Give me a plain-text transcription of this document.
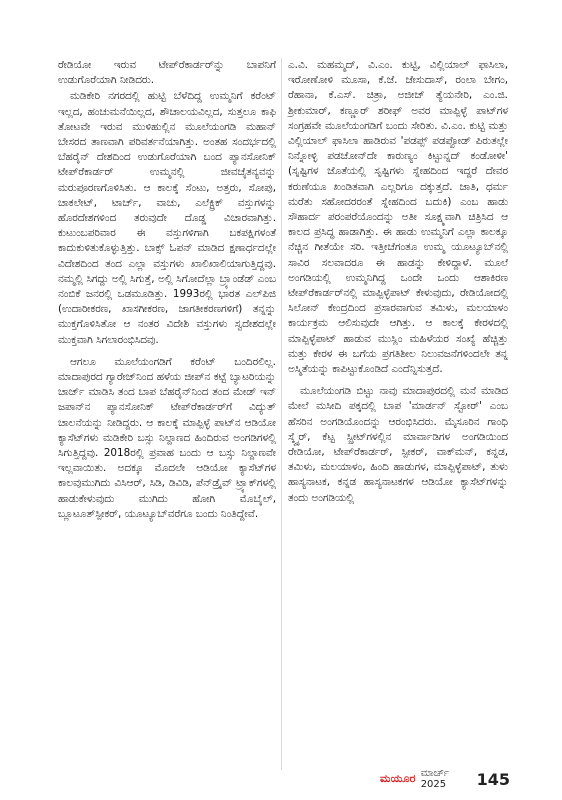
ರೇಡಿಯೋ ಇರುವ ಟೇಪ್‌ರೆಕಾರ್ಡರ್‌ನ್ನು ಬಾಪನಿಗೆ ಉಡುಗೊರೆಯಾಗಿ ನೀಡಿದರು.

ಮಡಿಕೇರಿ ನಗರದಲ್ಲಿ ಹುಟ್ಟಿ ಬೆಳೆದಿದ್ದ ಉಮ್ಮನಿಗೆ ಕರೆಂಟ್ ಇಲ್ಲದ, ಹಂಚುಮನೆಯಿಲ್ಲದ, ಶೌಚಾಲಯವಿಲ್ಲದ, ಸುತ್ತಲೂ ಕಾಫಿ ತೋಟವೇ ಇರುವ ಮುಳಿಹುಲ್ಲಿನ ಮೂಲೆಯಂಗಡಿ ಮಹಾನ್ ಬೇಸರದ ತಾಣವಾಗಿ ಪರಿವರ್ತನೆಯಾಗಿತ್ತು. ಅಂತಹ ಸಂದರ್ಭದಲ್ಲಿ ಬೆಹರೈನ್ ದೇಶದಿಂದ ಉಡುಗೊರೆಯಾಗಿ ಬಂದ ಪ್ಯಾನಸೋನಿಕ್ ಟೇಪ್‌ರೆಕಾರ್ಡರ್ ಉಮ್ಮನಲ್ಲಿ ಜೀವಚೈತನ್ಯವನ್ನು ಮರುಪೂರಣಗೊಳಿಸಿತು. ಆ ಕಾಲಕ್ಕೆ ಸೆಂಟು, ಅತ್ತರು, ಸೋಪು, ಚಾಕಲೇಟ್, ಟಾರ್ಚ್, ವಾಚು, ಎಲೆಕ್ಟ್ರಿಕ್ ವಸ್ತುಗಳನ್ನು ಹೊರದೇಶಗಳಿಂದ ತರುವುದೇ ದೊಡ್ಡ ವಿಚಾರವಾಗಿತ್ತು. ಕುಟುಂಬಪರಿವಾರ ಈ ವಸ್ತುಗಳಿಗಾಗಿ ಬಕಪಕ್ಷಿಗಳಂತೆ ಕಾದುಕುಳಿತುಕೊಳ್ಳುತ್ತಿತ್ತು. ಬಾಕ್ಸ್ ಓಪನ್ ಮಾಡಿದ ಕ್ಷಣಾರ್ಧದಲ್ಲೇ ವಿದೇಶದಿಂದ ತಂದ ಎಲ್ಲಾ ವಸ್ತುಗಳು ಖಾಲಿಖಾಲಿಯಾಗುತ್ತಿದ್ದವು. ನಮ್ಮಲ್ಲಿ ಸಿಗದ್ದು ಅಲ್ಲಿ ಸಿಗುತ್ತೆ, ಅಲ್ಲಿ ಸಿಗೋದೆಲ್ಲಾ ಬ್ರ್ಯಾಂಡೆಡ್ ಎಂಬ ನಂಬಿಕೆ ಜನರಲ್ಲಿ ಒಡಮೂಡಿತ್ತು. 1993ರಲ್ಲಿ ಭಾರತ ಎಲ್‌ಪಿಜಿ (ಉದಾರೀಕರಣ, ಖಾಸಗೀಕರಣ, ಜಾಗತೀಕರಣಗಳಿಗೆ) ತನ್ನನ್ನು ಮುಕ್ತಗೊಳಿಸಿತೋ ಆ ನಂತರ ವಿದೇಶಿ ವಸ್ತುಗಳು ಸ್ವದೇಶದಲ್ಲೇ ಮುಕ್ತವಾಗಿ ಸಿಗಲಾರಂಭಿಸಿದವು.

ಆಗಲೂ ಮೂಲೆಯಂಗಡಿಗೆ ಕರೆಂಟ್ ಬಂದಿರಲಿಲ್ಲ. ಮಾದಾಪುರದ ಗ್ಯಾರೇಜ್‌ನಿಂದ ಹಳೆಯ ಜೀಪ್‌ನ ಕಟ್ಟೆ ಬ್ಯಾಟರಿಯನ್ನು ಚಾರ್ಜ್ ಮಾಡಿಸಿ ತಂದ ಬಾಪ ಬೆಹರೈನ್‌ನಿಂದ ತಂದ ಮೇಡ್ ಇನ್ ಜಪಾನ್‌ನ ಪ್ಯಾನಸೋನಿಕ್ ಟೇಪ್‌ರೆಕಾರ್ಡರ್‌ಗೆ ವಿದ್ಯುತ್ ಚಾಲನೆಯನ್ನು ನೀಡಿದ್ದರು. ಆ ಕಾಲಕ್ಕೆ ಮಾಪ್ಪಿಳ್ಳೆ ಪಾಟ್‌ನ ಆಡಿಯೋ ಕ್ಯಾಸೆಟ್‌ಗಳು ಮಡಿಕೇರಿ ಬಸ್ಸು ನಿಲ್ದಾಣದ ಹಿಂದಿರುವ ಅಂಗಡಿಗಳಲ್ಲಿ ಸಿಗುತ್ತಿದ್ದವು. 2018ರಲ್ಲಿ ಪ್ರವಾಹ ಬಂದು ಆ ಬಸ್ಸು ನಿಲ್ದಾಣವೇ ಇಲ್ಲವಾಯಿತು. ಅದಕ್ಕೂ ಮೊದಲೇ ಆಡಿಯೋ ಕ್ಯಾಸೆಟ್‌ಗಳ ಕಾಲವುಮುಗಿದು ವಿಸಿಆರ್, ಸಿಡಿ, ಡಿವಿಡಿ, ಪೆನ್‌ಡ್ರೈವ್ ಟ್ರ್ಯಾಕ್‌ಗಳಲ್ಲಿ ಹಾಡುಕೇಳುವುದು ಮುಗಿದು ಹೋಗಿ ಮೊಬೈಲ್, ಬ್ಲೂಟೂತ್‌ಸ್ಪೀಕರ್, ಯೂಟ್ಯೂಬ್‌ವರೆಗೂ ಬಂದು ನಿಂತಿದ್ದೇವೆ.

ಎ.ವಿ. ಮಹಮ್ಮದ್, ವಿ.ಎಂ. ಕುಟ್ಟಿ, ವಿಲ್ಲಿಯಾಲ್ ಫಾಸಿಲಾ, ಇರೋಣೋಳಿ ಮೂಸಾ, ಕೆ.ಜೆ. ಜೇಸುದಾಸ್, ರಂಲಾ ಬೇಗಂ, ರೆಹಾನಾ, ಕೆ.ಎಸ್. ಚಿತ್ರಾ, ಅಜೀಜ್ ತ್ಯೆಯನೇರಿ, ಎಂ.ಜಿ. ಶ್ರೀಕುಮಾರ್, ಕಣ್ಣೂರ್ ಶರೀಫ್ ಅವರ ಮಾಪ್ಪಿಳ್ಳೆ ಪಾಟ್‌ಗಳ ಸಂಗ್ರಹವೇ ಮೂಲೆಯಂಗಡಿಗೆ ಬಂದು ಸೇರಿತು. ವಿ.ಎಂ. ಕುಟ್ಟಿ ಮತ್ತು ವಿಲ್ಲಿಯಾಲ್ ಫಾಸಿಲಾ ಹಾಡಿರುವ 'ಪಡಪ್ಪ್ ಪಡಪ್ಪೋಡ್ ಪಿರುತಲ್ಲೇ ನಿನ್ನೋಳ್ಳಿ ಪಡಚೋನ್‌ದೇ ಕಾರುಣ್ಯಂ ಕಿಟ್ಟುನ್ನದ್ ಕಂಡೋಳೀ' (ಸೃಷ್ಟಿಗಳ ಜೊತೆಯಲ್ಲಿ ಸೃಷ್ಟಿಗಳು ಸ್ನೇಹದಿಂದ ಇದ್ದರೆ ದೇವರ ಕರುಣೆಯೂ ಖಂಡಿತವಾಗಿ ಎಲ್ಲರಿಗೂ ದಕ್ಕುತ್ತದೆ. ಜಾತಿ, ಧರ್ಮ ಮರೆತು ಸಹೋದರರಂತೆ ಸ್ನೇಹದಿಂದ ಬದುಕಿ) ಎಂಬ ಹಾಡು ಸೌಹಾರ್ದ ಪರಂಪರೆಯೊಂದನ್ನು ಅತೀ ಸೂಕ್ಷ್ಮವಾಗಿ ಚಿತ್ರಿಸಿದ ಆ ಕಾಲದ ಪ್ರಸಿದ್ಧ ಹಾಡಾಗಿತ್ತು. ಈ ಹಾಡು ಉಮ್ಮನಿಗೆ ಎಲ್ಲಾ ಕಾಲಕ್ಕೂ ನೆಚ್ಚಿನ ಗೀತೆಯೇ ಸರಿ. ಇತ್ತೀಚೆಗಂತೂ ಉಮ್ಮ ಯೂಟ್ಯೂಬ್‌ನಲ್ಲಿ ಸಾವಿರ ಸಲವಾದರೂ ಈ ಹಾಡನ್ನು ಕೇಳಿದ್ದಾಳೆ. ಮೂಲೆ ಅಂಗಡಿಯಲ್ಲಿ ಉಮ್ಮನಿಗಿದ್ದ ಒಂದೇ ಒಂದು ಆಶಾಕಿರಣ ಟೇಪ್‌ರೆಕಾರ್ಡರ್‌ನಲ್ಲಿ ಮಾಪ್ಪಿಳ್ಳೆಪಾಟ್ ಕೇಳುವುದು, ರೇಡಿಯೋದಲ್ಲಿ ಸಿಲೋನ್ ಕೇಂದ್ರದಿಂದ ಪ್ರಸಾರವಾಗುವ ತಮಿಳು, ಮಲಯಾಳಂ ಕಾರ್ಯಕ್ರಮ ಆಲಿಸುವುದೇ ಆಗಿತ್ತು. ಆ ಕಾಲಕ್ಕೆ ಕೇರಳದಲ್ಲಿ ಮಾಪ್ಪಿಳ್ಳೆಪಾಟ್ ಹಾಡುವ ಮುಸ್ಲಿಂ ಮಹಿಳೆಯರ ಸಂಖ್ಯೆ ಹೆಚ್ಚಿತ್ತು ಮತ್ತು ಕೇರಳ ಈ ಬಗೆಯ ಪ್ರಗತಿಶೀಲ ನಿಲುವಜನೆಗಳಿಂದಲೇ ತನ್ನ ಅಸ್ಮಿತೆಯನ್ನು ಕಾಪಿಟ್ಟುಕೊಂಡಿದೆ ಎಂದೆನ್ನಿಸುತ್ತದೆ.

ಮೂಲೆಯಂಗಡಿ ಬಿಟ್ಟು ನಾವು ಮಾದಾಪುರದಲ್ಲಿ ಮನೆ ಮಾಡಿದ ಮೇಲೆ ಮಸೀದಿ ಪಕ್ಕದಲ್ಲಿ ಬಾಪ 'ಮಾರ್ಡನ್ ಸ್ಟೋರ್' ಎಂಬ ಹೆಸರಿನ ಅಂಗಡಿಯೊಂದನ್ನು ಆರಂಭಿಸಿದರು. ಮೈಸೂರಿನ ಗಾಂಧಿ ಸ್ಕ್ವೈರ್, ಕೆಟ್ಟ ಸ್ಪ್ರೀಟ್‌ಗಳಲ್ಲಿನ ಮಾರ್ವಾಡಿಗಳ ಅಂಗಡಿಯಿಂದ ರೇಡಿಯೋ, ಟೇಪ್‌ರೆಕಾರ್ಡರ್, ಸ್ಪೀಕರ್, ವಾಕ್‌ಮನ್, ಕನ್ನಡ, ತಮಿಳು, ಮಲಯಾಳಂ, ಹಿಂದಿ ಹಾಡುಗಳ, ಮಾಪ್ಪಿಳ್ಳೆಪಾಟ್, ತುಳು ಹಾಸ್ಯನಾಟಕ, ಕನ್ನಡ ಹಾಸ್ಯನಾಟಕಗಳ ಆಡಿಯೋ ಕ್ಯಾಸೆಟ್‌ಗಳನ್ನು ತಂದು ಅಂಗಡಿಯಲ್ಲಿ

ಮಯೂರ ಮಾರ್ಚ್ 2025	145
